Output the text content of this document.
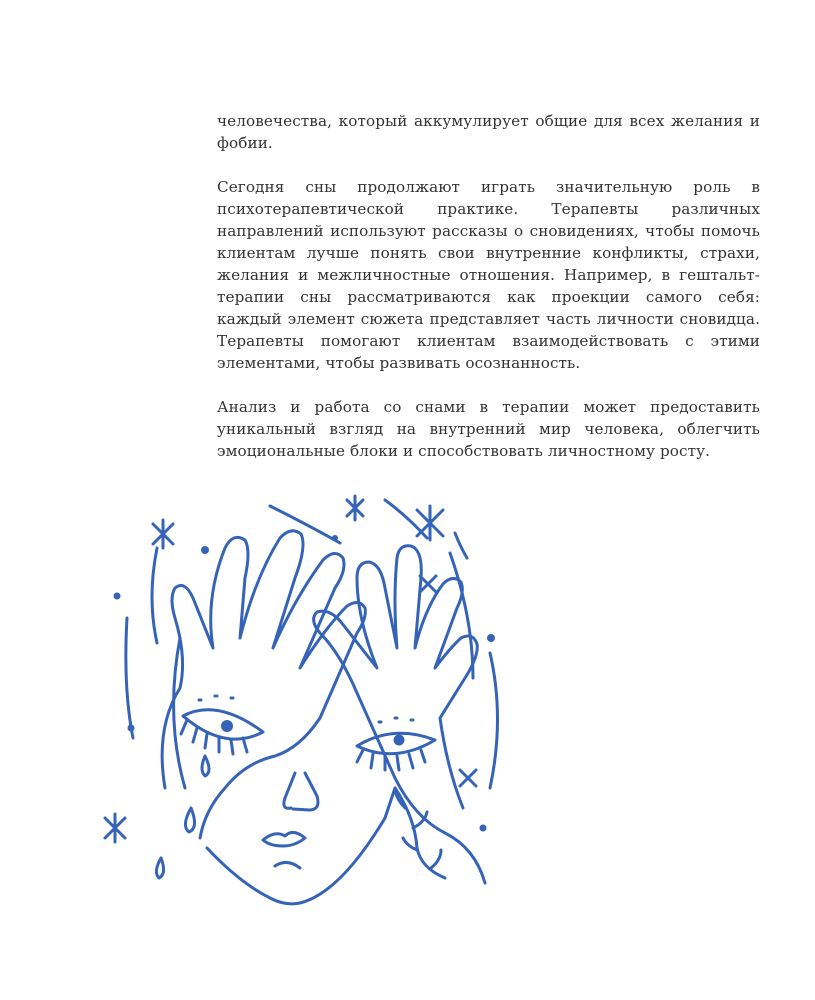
человечества, который аккумулирует общие для всех желания и фобии.

Сегодня сны продолжают играть значительную роль в психотерапевтической практике. Терапевты различных направлений используют рассказы о сновидениях, чтобы помочь клиентам лучше понять свои внутренние конфликты, страхи, желания и межличностные отношения. Например, в гештальт-терапии сны рассматриваются как проекции самого себя: каждый элемент сюжета представляет часть личности сновидца. Терапевты помогают клиентам взаимодействовать с этими элементами, чтобы развивать осознанность.

Анализ и работа со снами в терапии может предоставить уникальный взгляд на внутренний мир человека, облегчить эмоциональные блоки и способствовать личностному росту.
